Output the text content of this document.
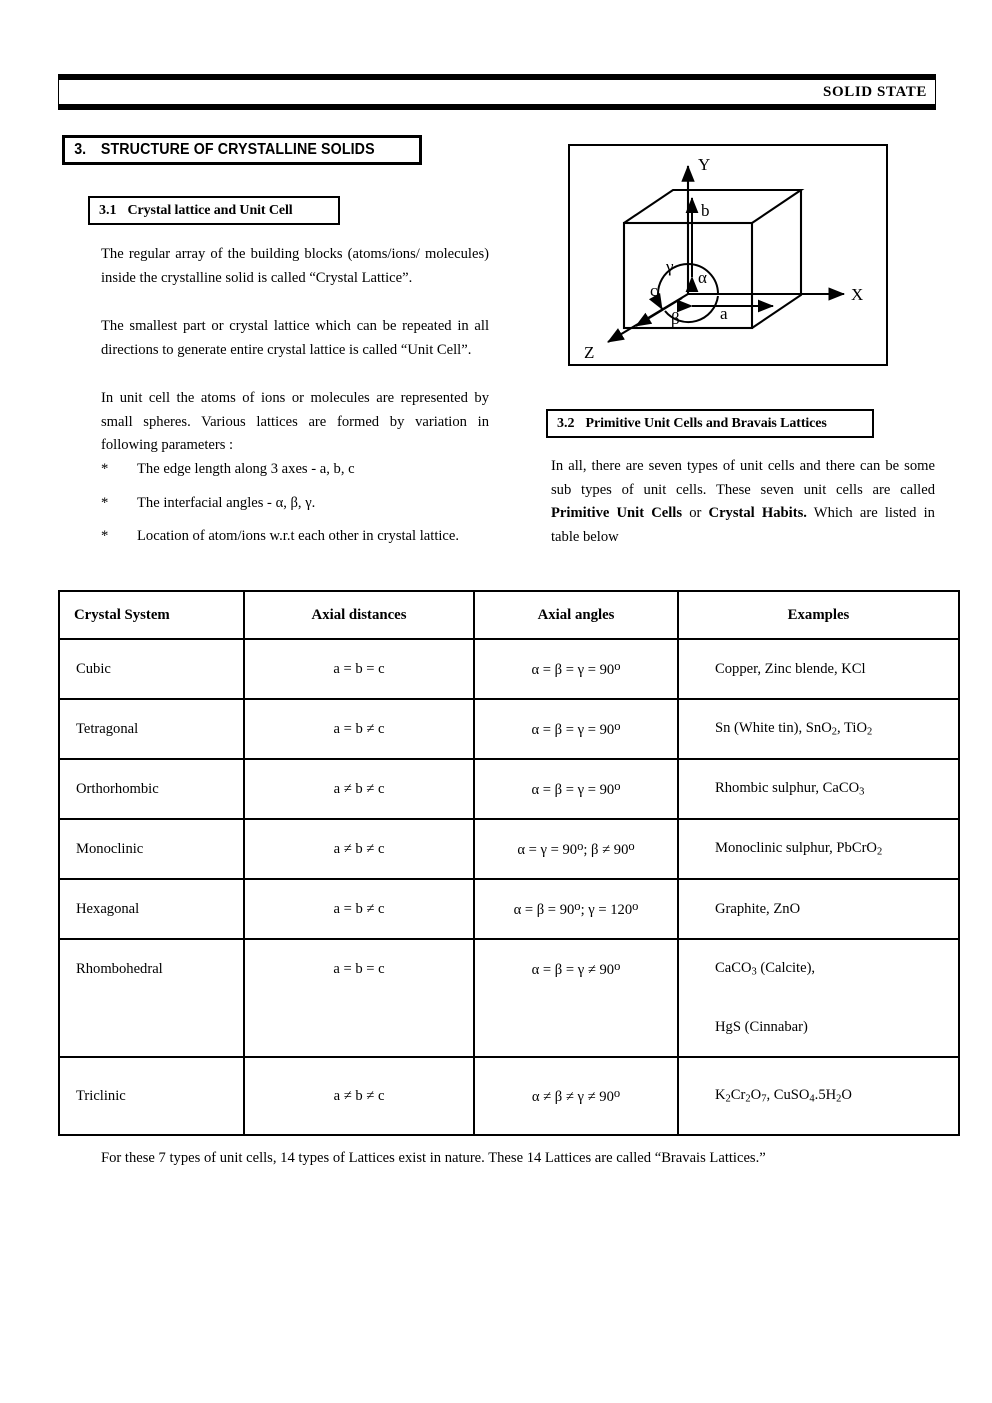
SOLID STATE
3. STRUCTURE OF CRYSTALLINE SOLIDS
3.1 Crystal lattice and Unit Cell
The regular array of the building blocks (atoms/ions/ molecules) inside the crystalline solid is called “Crystal Lattice”.
The smallest part or crystal lattice which can be repeated in all directions to generate entire crystal lattice is called “Unit Cell”.
In unit cell the atoms of ions or molecules are represented by small spheres. Various lattices are formed by variation in following parameters :
*	The edge length along 3 axes - a, b, c
*	The interfacial angles - α, β, γ.
*	Location of atom/ions w.r.t each other in crystal lattice.
Y
X
Z
b
a
c
α
β
γ
3.2 Primitive Unit Cells and Bravais Lattices
In all, there are seven types of unit cells and there can be some sub types of unit cells. These seven unit cells are called Primitive Unit Cells or Crystal Habits. Which are listed in table below
Crystal System	Axial distances	Axial angles	Examples
Cubic	a = b = c	$\alpha = \beta = \gamma = 90^o$	Copper, Zinc blende, KCl
Tetragonal	a = b ≠ c	$\alpha = \beta = \gamma = 90^o$	Sn (White tin), SnO$_2$, TiO$_2$
Orthorhombic	a ≠ b ≠ c	$\alpha = \beta = \gamma = 90^o$	Rhombic sulphur, CaCO$_3$
Monoclinic	a ≠ b ≠ c	$\alpha = \gamma = 90^o$; $\beta \ne 90^o$	Monoclinic sulphur, PbCrO$_2$
Hexagonal	a = b ≠ c	$\alpha = \beta = 90^o$; $\gamma = 120^o$	Graphite, ZnO
Rhombohedral	a = b = c	$\alpha = \beta = \gamma \ne 90^o$	CaCO$_3$ (Calcite),
			HgS (Cinnabar)
Triclinic	a ≠ b ≠ c	$\alpha \ne \beta \ne \gamma \ne 90^o$	$K_2Cr_2O_7$, $CuSO_4.5H_2O$
For these 7 types of unit cells, 14 types of Lattices exist in nature. These 14 Lattices are called “Bravais Lattices.”
